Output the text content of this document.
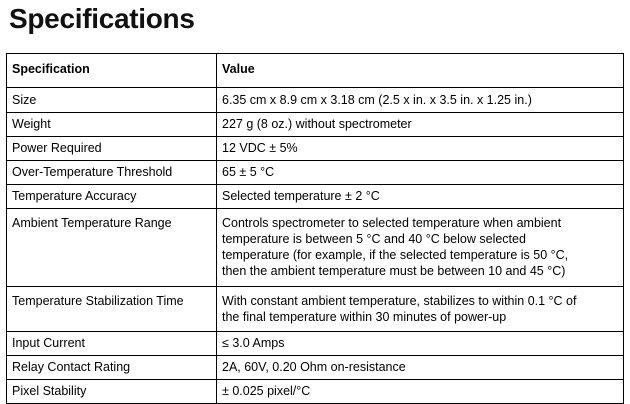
Specifications
Specification	Value
Size	6.35 cm x 8.9 cm x 3.18 cm (2.5 x in. x 3.5 in. x 1.25 in.)
Weight	227 g (8 oz.) without spectrometer
Power Required	12 VDC ± 5%
Over-Temperature Threshold	65 ± 5 °C
Temperature Accuracy	Selected temperature ± 2 °C
Ambient Temperature Range	Controls spectrometer to selected temperature when ambient
temperature is between 5 °C and 40 °C below selected
temperature (for example, if the selected temperature is 50 °C,
then the ambient temperature must be between 10 and 45 °C)
Temperature Stabilization Time	With constant ambient temperature, stabilizes to within 0.1 °C of
the final temperature within 30 minutes of power-up
Input Current	≤ 3.0 Amps
Relay Contact Rating	2A, 60V, 0.20 Ohm on-resistance
Pixel Stability	± 0.025 pixel/°C
